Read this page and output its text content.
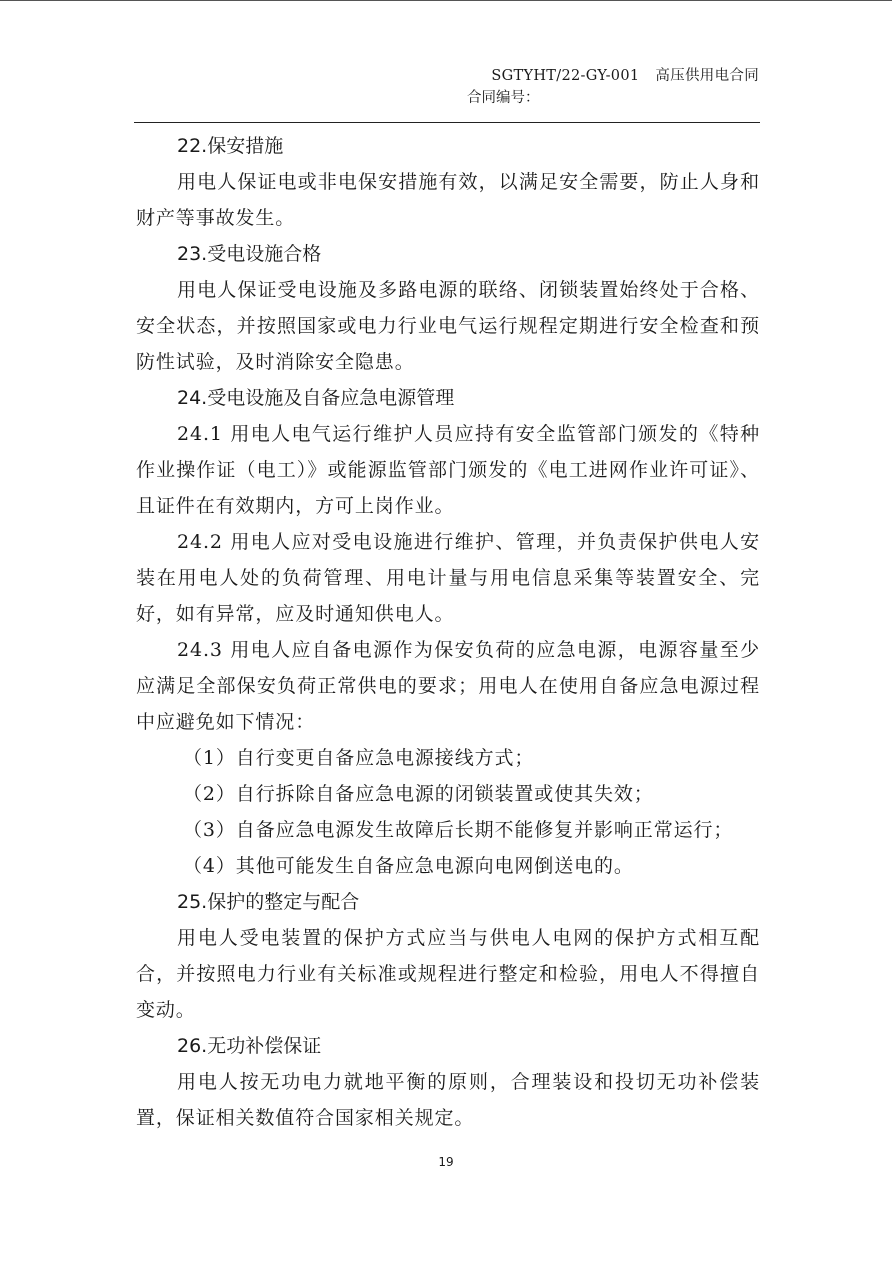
SGTYHT/22-GY-001 高压供用电合同
合同编号：
22.保安措施
用电人保证电或非电保安措施有效，以满足安全需要，防止人身和财产等事故发生。
23.受电设施合格
用电人保证受电设施及多路电源的联络、闭锁装置始终处于合格、安全状态，并按照国家或电力行业电气运行规程定期进行安全检查和预防性试验，及时消除安全隐患。
24.受电设施及自备应急电源管理
24.1 用电人电气运行维护人员应持有安全监管部门颁发的《特种作业操作证（电工）》或能源监管部门颁发的《电工进网作业许可证》、且证件在有效期内，方可上岗作业。
24.2 用电人应对受电设施进行维护、管理，并负责保护供电人安装在用电人处的负荷管理、用电计量与用电信息采集等装置安全、完好，如有异常，应及时通知供电人。
24.3 用电人应自备电源作为保安负荷的应急电源，电源容量至少应满足全部保安负荷正常供电的要求；用电人在使用自备应急电源过程中应避免如下情况：
（1）自行变更自备应急电源接线方式；
（2）自行拆除自备应急电源的闭锁装置或使其失效；
（3）自备应急电源发生故障后长期不能修复并影响正常运行；
（4）其他可能发生自备应急电源向电网倒送电的。
25.保护的整定与配合
用电人受电装置的保护方式应当与供电人电网的保护方式相互配合，并按照电力行业有关标准或规程进行整定和检验，用电人不得擅自变动。
26.无功补偿保证
用电人按无功电力就地平衡的原则，合理装设和投切无功补偿装置，保证相关数值符合国家相关规定。
19
